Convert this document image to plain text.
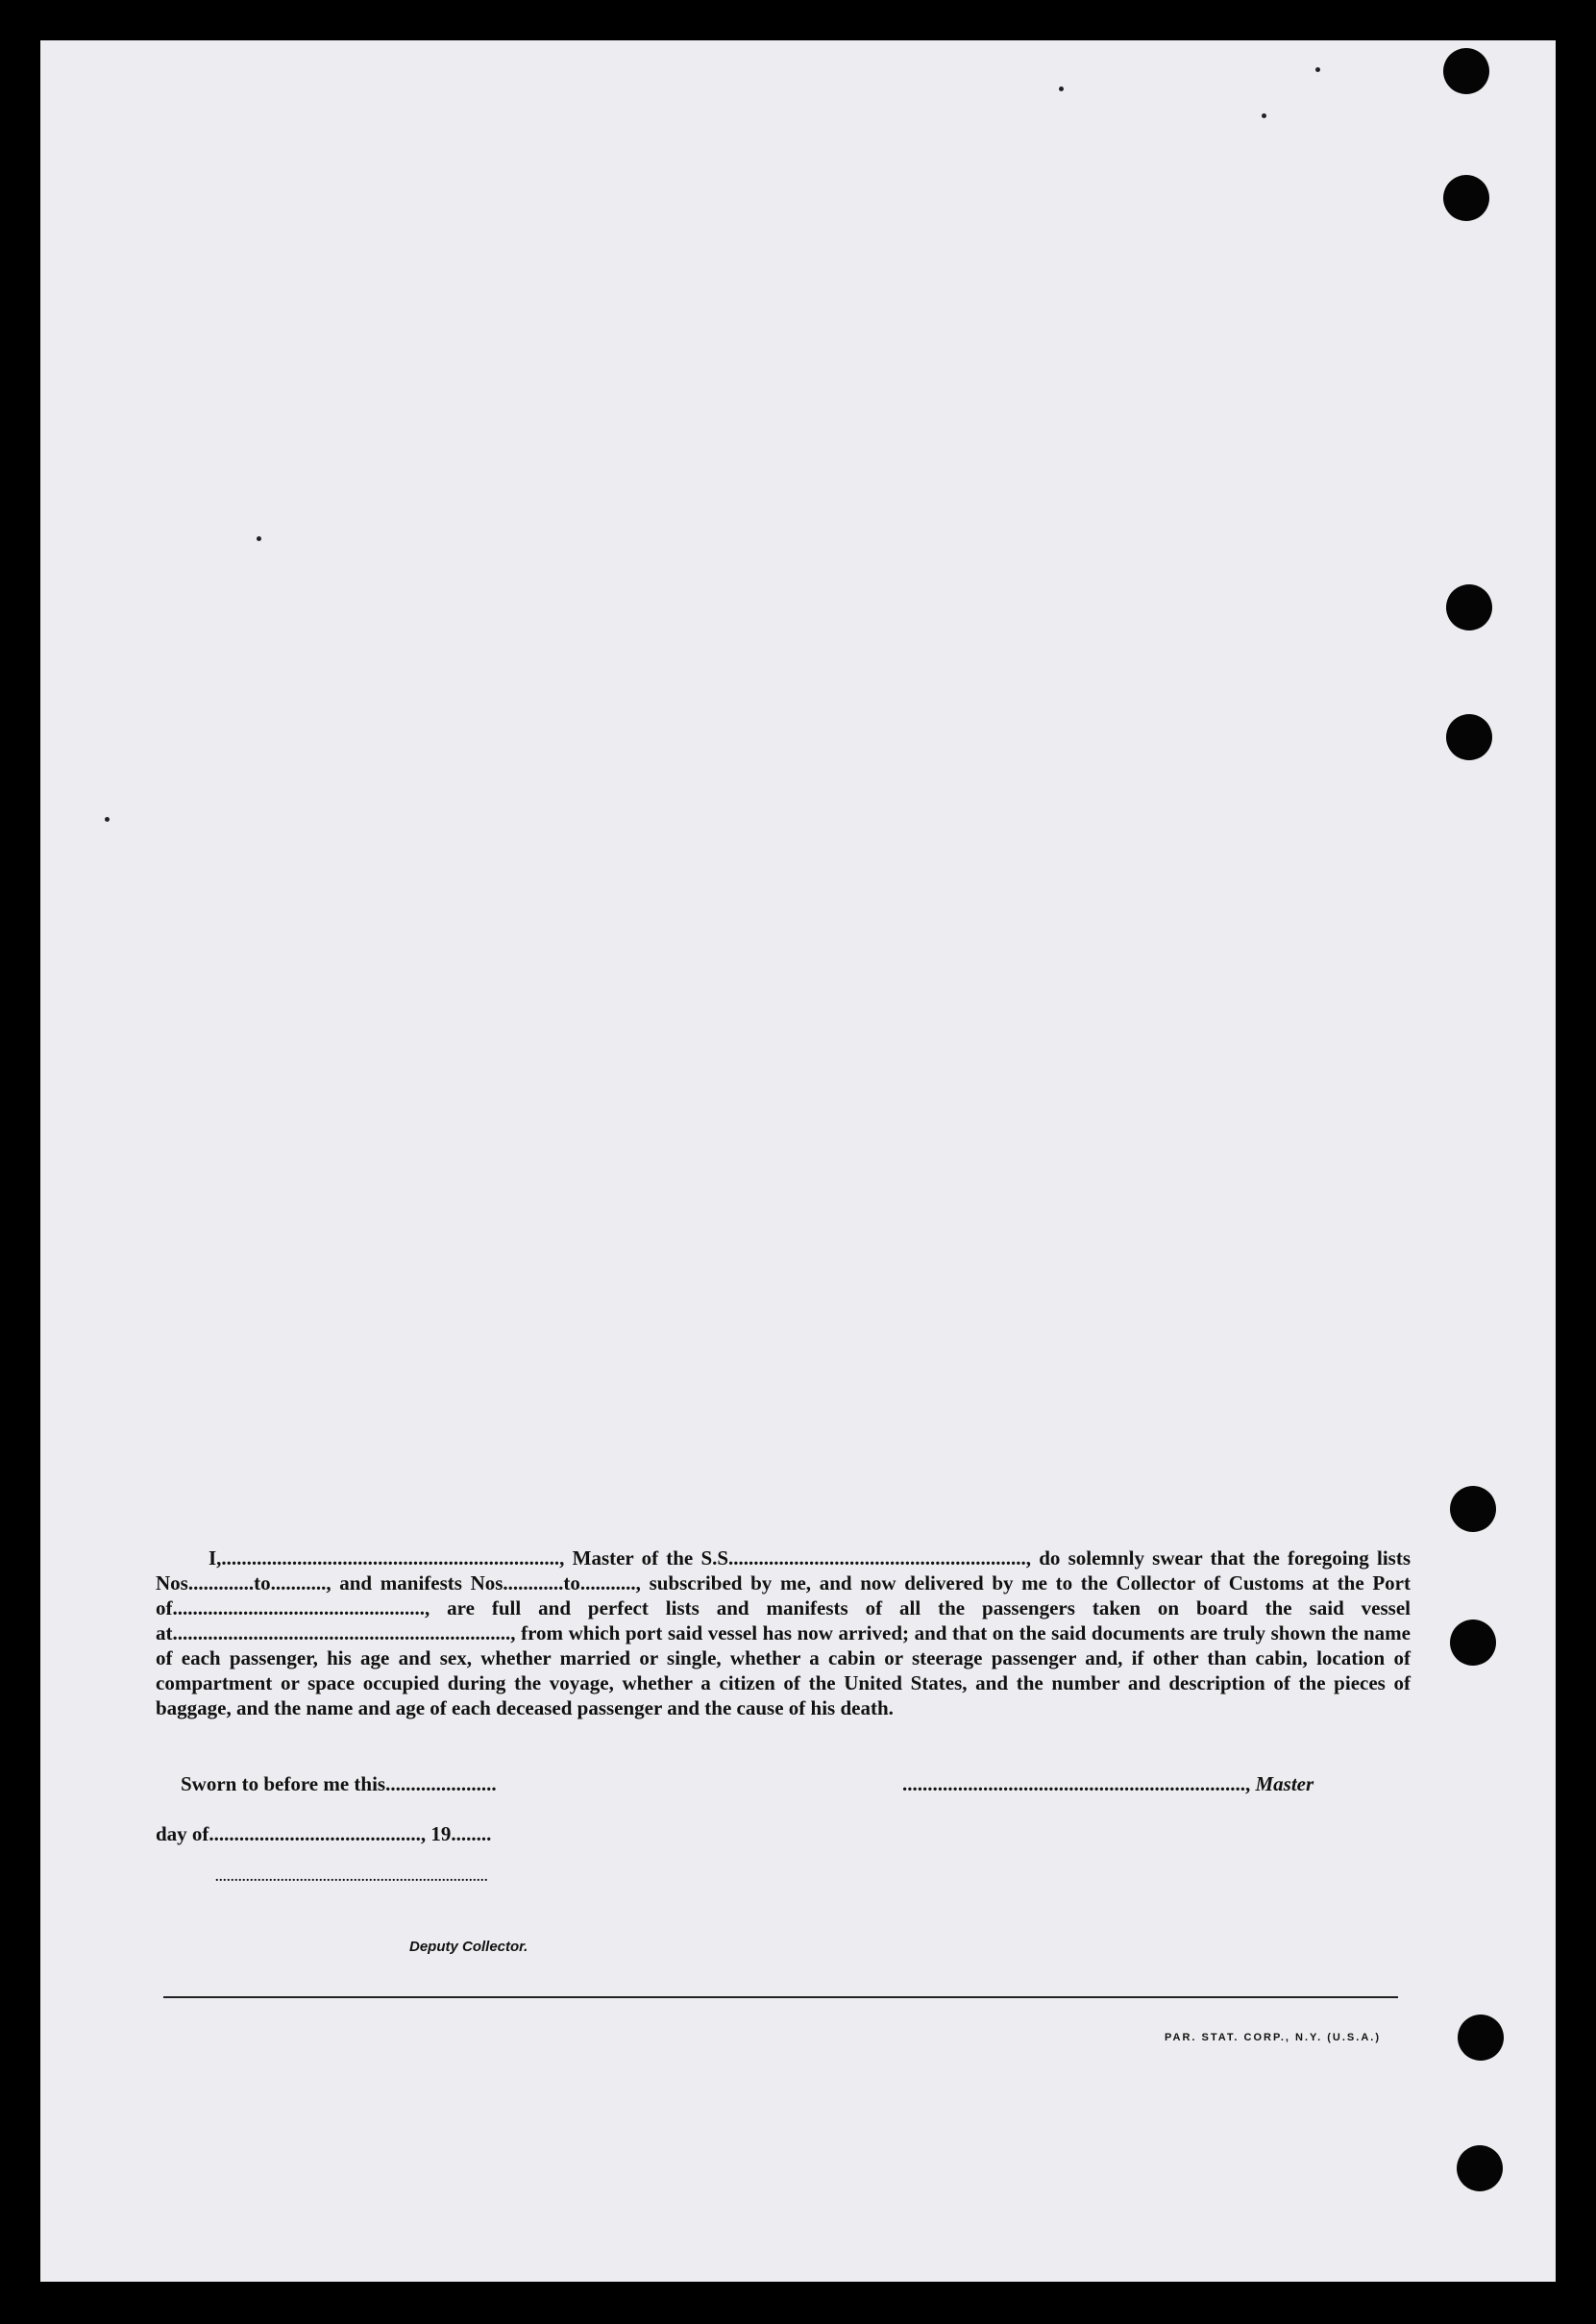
I,..................................................................., Master of the S.S..........................................................., do solemnly swear that the foregoing lists Nos.............to..........., and manifests Nos............to..........., subscribed by me, and now delivered by me to the Collector of Customs at the Port of.................................................., are full and perfect lists and manifests of all the passengers taken on board the said vessel at..................................................................., from which port said vessel has now arrived; and that on the said documents are truly shown the name of each passenger, his age and sex, whether married or single, whether a cabin or steerage passenger and, if other than cabin, location of compartment or space occupied during the voyage, whether a citizen of the United States, and the number and description of the pieces of baggage, and the name and age of each deceased passenger and the cause of his death.

Sworn to before me this......................	...................................................................., Master
day of.........................................., 19........
.......................................................................
Deputy Collector.
PAR. STAT. CORP., N.Y. (U.S.A.)
